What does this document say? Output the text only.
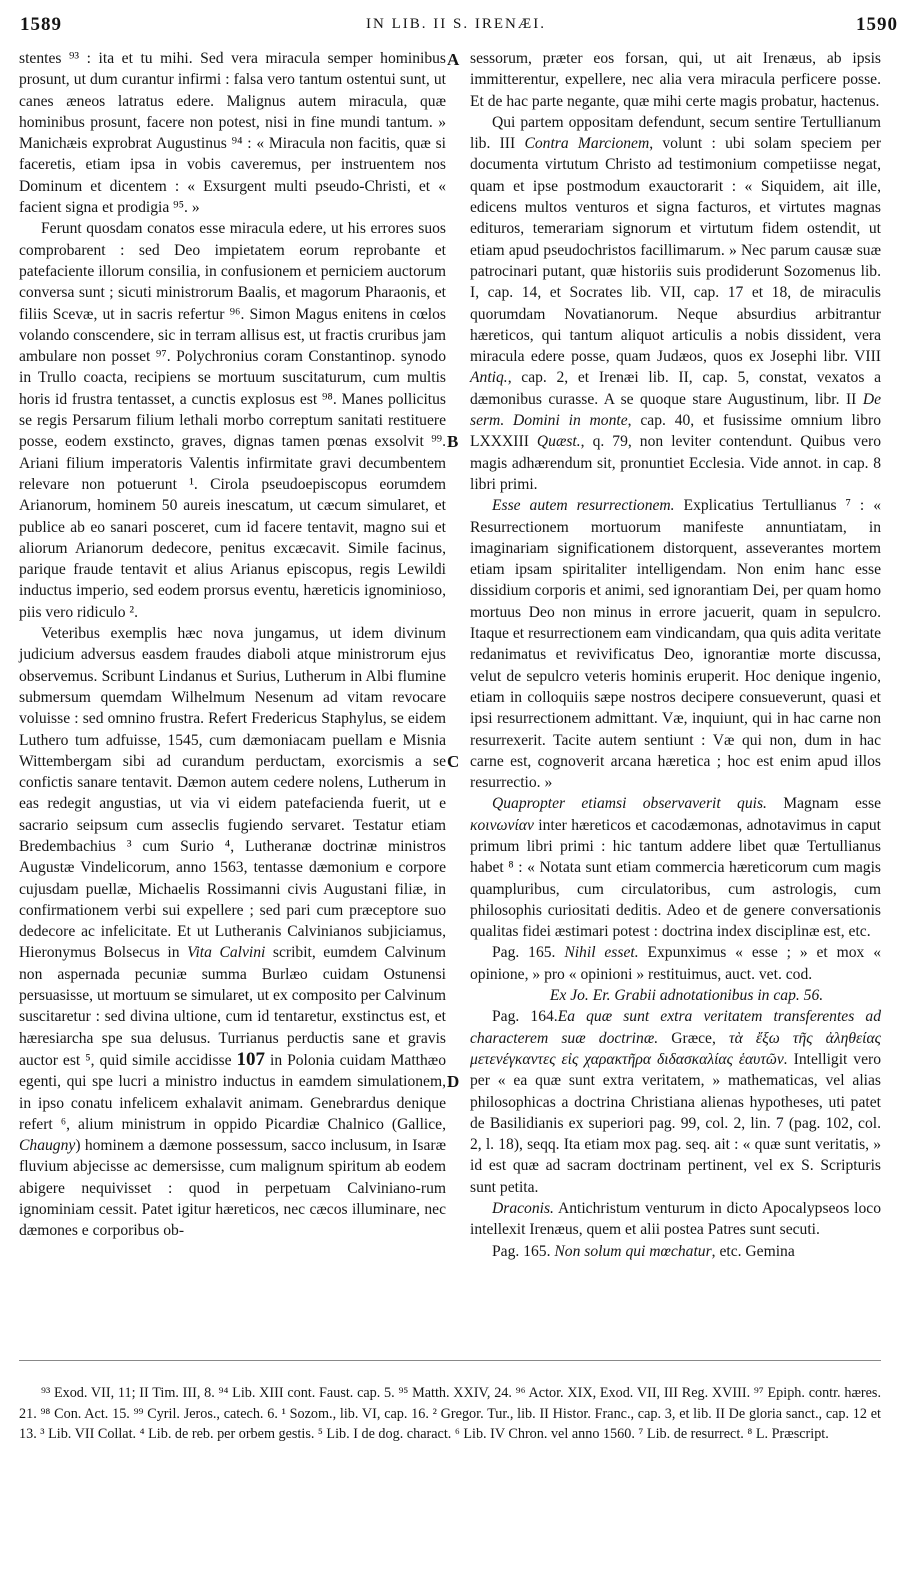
1589	IN LIB. II S. IRENÆI.	1590
A
B
C
D

stentes ⁹³ : ita et tu mihi. Sed vera miracula semper hominibus prosunt, ut dum curantur infirmi : falsa vero tantum ostentui sunt, ut canes æneos latratus edere. Malignus autem miracula, quæ hominibus prosunt, facere non potest, nisi in fine mundi tantum. » Manichæis exprobrat Augustinus ⁹⁴ : « Miracula non facitis, quæ si faceretis, etiam ipsa in vobis caveremus, per instruentem nos Dominum et dicentem : « Exsurgent multi pseudo-Christi, et « facient signa et prodigia ⁹⁵. »

Ferunt quosdam conatos esse miracula edere, ut his errores suos comprobarent : sed Deo impietatem eorum reprobante et patefaciente illorum consilia, in confusionem et perniciem auctorum conversa sunt ; sicuti ministrorum Baalis, et magorum Pharaonis, et filiis Scevæ, ut in sacris refertur ⁹⁶. Simon Magus enitens in cœlos volando conscendere, sic in terram allisus est, ut fractis cruribus jam ambulare non posset ⁹⁷. Polychronius coram Constantinop. synodo in Trullo coacta, recipiens se mortuum suscitaturum, cum multis horis id frustra tentasset, a cunctis explosus est ⁹⁸. Manes pollicitus se regis Persarum filium lethali morbo correptum sanitati restituere posse, eodem exstincto, graves, dignas tamen pœnas exsolvit ⁹⁹. Ariani filium imperatoris Valentis infirmitate gravi decumbentem relevare non potuerunt ¹. Cirola pseudoepiscopus eorumdem Arianorum, hominem 50 aureis inescatum, ut cæcum simularet, et publice ab eo sanari posceret, cum id facere tentavit, magno sui et aliorum Arianorum dedecore, penitus excæcavit. Simile facinus, parique fraude tentavit et alius Arianus episcopus, regis Lewildi inductus imperio, sed eodem prorsus eventu, hæreticis ignominioso, piis vero ridiculo ².

Veteribus exemplis hæc nova jungamus, ut idem divinum judicium adversus easdem fraudes diaboli atque ministrorum ejus observemus. Scribunt Lindanus et Surius, Lutherum in Albi flumine submersum quemdam Wilhelmum Nesenum ad vitam revocare voluisse : sed omnino frustra. Refert Fredericus Staphylus, se eidem Luthero tum adfuisse, 1545, cum dæmoniacam puellam e Misnia Wittembergam sibi ad curandum perductam, exorcismis a se confictis sanare tentavit. Dæmon autem cedere nolens, Lutherum in eas redegit angustias, ut via vi eidem patefacienda fuerit, ut e sacrario seipsum cum asseclis fugiendo servaret. Testatur etiam Bredembachius ³ cum Surio ⁴, Lutheranæ doctrinæ ministros Augustæ Vindelicorum, anno 1563, tentasse dæmonium e corpore cujusdam puellæ, Michaelis Rossimanni civis Augustani filiæ, in confirmationem verbi sui expellere ; sed pari cum præceptore suo dedecore ac infelicitate. Et ut Lutheranis Calvinianos subjiciamus, Hieronymus Bolsecus in Vita Calvini scribit, eumdem Calvinum non aspernada pecuniæ summa Burlæo cuidam Ostunensi persuasisse, ut mortuum se simularet, ut ex composito per Calvinum suscitaretur : sed divina ultione, cum id tentaretur, exstinctus est, et hæresiarcha spe sua delusus. Turrianus perductis sane et gravis auctor est ⁵, quid simile accidisse 107 in Polonia cuidam Matthæo egenti, qui spe lucri a ministro inductus in eamdem simulationem, in ipso conatu infelicem exhalavit animam. Genebrardus denique refert ⁶, alium ministrum in oppido Picardiæ Chalnico (Gallice, Chaugny) hominem a dæmone possessum, sacco inclusum, in Isaræ fluvium abjecisse ac demersisse, cum malignum spiritum ab eodem abigere nequivisset : quod in perpetuam Calviniano-rum ignominiam cessit. Patet igitur hæreticos, nec cæcos illuminare, nec dæmones e corporibus ob-

sessorum, præter eos forsan, qui, ut ait Irenæus, ab ipsis immitterentur, expellere, nec alia vera miracula perficere posse. Et de hac parte negante, quæ mihi certe magis probatur, hactenus.

Qui partem oppositam defendunt, secum sentire Tertullianum lib. III Contra Marcionem, volunt : ubi solam speciem per documenta virtutum Christo ad testimonium competiisse negat, quam et ipse postmodum exauctorarit : « Siquidem, ait ille, edicens multos venturos et signa facturos, et virtutes magnas edituros, temerariam signorum et virtutum fidem ostendit, ut etiam apud pseudochristos facillimarum. » Nec parum causæ suæ patrocinari putant, quæ historiis suis prodiderunt Sozomenus lib. I, cap. 14, et Socrates lib. VII, cap. 17 et 18, de miraculis quorumdam Novatianorum. Neque absurdius arbitrantur hæreticos, qui tantum aliquot articulis a nobis dissident, vera miracula edere posse, quam Judæos, quos ex Josephi libr. VIII Antiq., cap. 2, et Irenæi lib. II, cap. 5, constat, vexatos a dæmonibus curasse. A se quoque stare Augustinum, libr. II De serm. Domini in monte, cap. 40, et fusissime omnium libro LXXXIII Quæst., q. 79, non leviter contendunt. Quibus vero magis adhærendum sit, pronuntiet Ecclesia. Vide annot. in cap. 8 libri primi.

Esse autem resurrectionem. Explicatius Tertullianus ⁷ : « Resurrectionem mortuorum manifeste annuntiatam, in imaginariam significationem distorquent, asseverantes mortem etiam ipsam spiritaliter intelligendam. Non enim hanc esse dissidium corporis et animi, sed ignorantiam Dei, per quam homo mortuus Deo non minus in errore jacuerit, quam in sepulcro. Itaque et resurrectionem eam vindicandam, qua quis adita veritate redanimatus et revivificatus Deo, ignorantiæ morte discussa, velut de sepulcro veteris hominis eruperit. Hoc denique ingenio, etiam in colloquiis sæpe nostros decipere consueverunt, quasi et ipsi resurrectionem admittant. Væ, inquiunt, qui in hac carne non resurrexerit. Tacite autem sentiunt : Væ qui non, dum in hac carne est, cognoverit arcana hæretica ; hoc est enim apud illos resurrectio. »

Quapropter etiamsi observaverit quis. Magnam esse κοινωνίαν inter hæreticos et cacodæmonas, adnotavimus in caput primum libri primi : hic tantum addere libet quæ Tertullianus habet ⁸ : « Notata sunt etiam commercia hæreticorum cum magis quampluribus, cum circulatoribus, cum astrologis, cum philosophis curiositati deditis. Adeo et de genere conversationis qualitas fidei æstimari potest : doctrina index disciplinæ est, etc.

Pag. 165. Nihil esset. Expunximus « esse ; » et mox « opinione, » pro « opinioni » restituimus, auct. vet. cod.

Ex Jo. Er. Grabii adnotationibus in cap. 56.

Pag. 164.Ea quæ sunt extra veritatem transferentes ad characterem suæ doctrinæ. Græce, τὰ ἔξω τῆς ἀληθείας μετενέγκαντες εἰς χαρακτῆρα διδασκαλίας ἑαυτῶν. Intelligit vero per « ea quæ sunt extra veritatem, » mathematicas, vel alias philosophicas a doctrina Christiana alienas hypotheses, uti patet de Basilidianis ex superiori pag. 99, col. 2, lin. 7 (pag. 102, col. 2, l. 18), seqq. Ita etiam mox pag. seq. ait : « quæ sunt veritatis, » id est quæ ad sacram doctrinam pertinent, vel ex S. Scripturis sunt petita.

Draconis. Antichristum venturum in dicto Apocalypseos loco intellexit Irenæus, quem et alii postea Patres sunt secuti.

Pag. 165. Non solum qui mœchatur, etc. Gemina

⁹³ Exod. VII, 11; II Tim. III, 8. ⁹⁴ Lib. XIII cont. Faust. cap. 5. ⁹⁵ Matth. XXIV, 24. ⁹⁶ Actor. XIX, Exod. VII, III Reg. XVIII. ⁹⁷ Epiph. contr. hæres. 21. ⁹⁸ Con. Act. 15. ⁹⁹ Cyril. Jeros., catech. 6. ¹ Sozom., lib. VI, cap. 16. ² Gregor. Tur., lib. II Histor. Franc., cap. 3, et lib. II De gloria sanct., cap. 12 et 13. ³ Lib. VII Collat. ⁴ Lib. de reb. per orbem gestis. ⁵ Lib. I de dog. charact. ⁶ Lib. IV Chron. vel anno 1560. ⁷ Lib. de resurrect. ⁸ L. Præscript.
